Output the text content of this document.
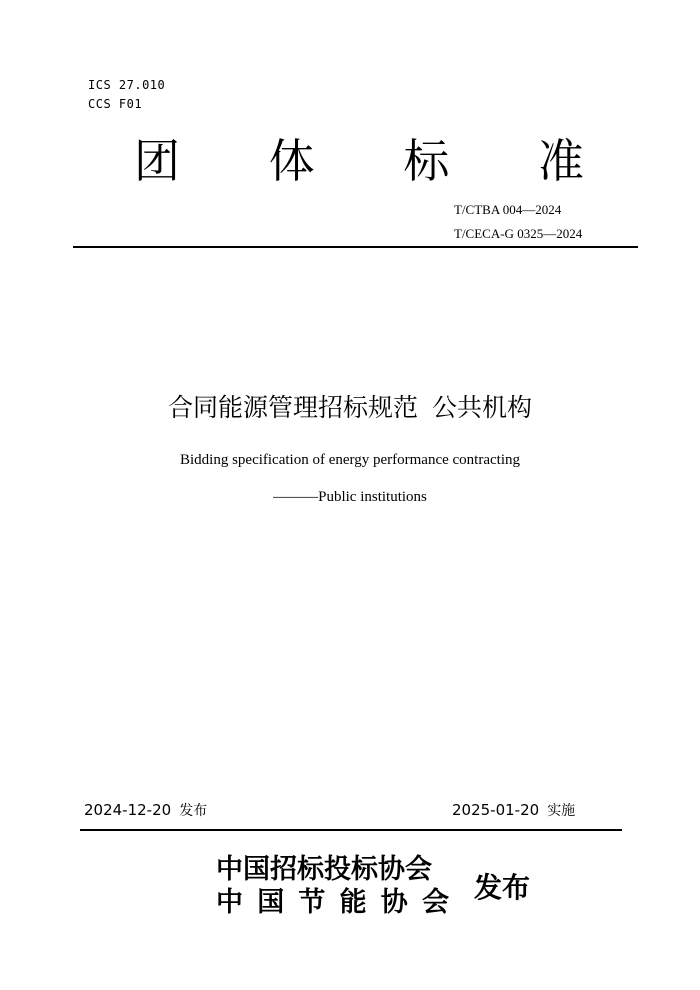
ICS 27.010
CCS F01
团 体 标 准
T/CTBA 004—2024
T/CECA-G 0325—2024
合同能源管理招标规范 公共机构
Bidding specification of energy performance contracting
———Public institutions
2024-12-20 发布	2025-01-20 实施
中国招标投标协会
中 国 节 能 协 会 发布
